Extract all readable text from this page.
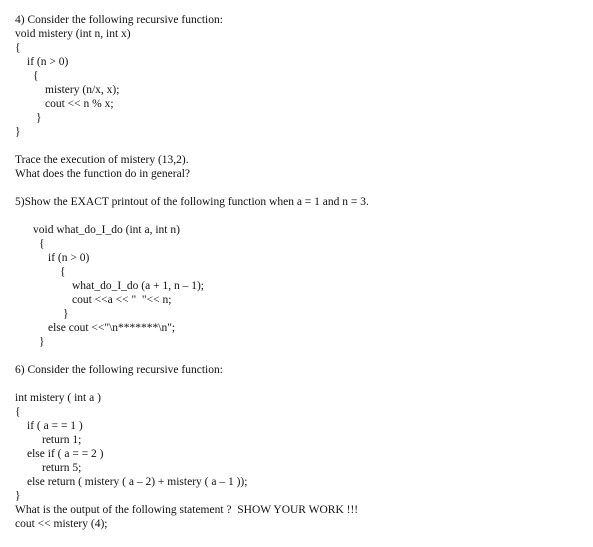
4) Consider the following recursive function:
void mistery (int n, int x)
{
if (n > 0)
{
mistery (n/x, x);
cout << n % x;
}
}
Trace the execution of mistery (13,2).
What does the function do in general?
5)Show the EXACT printout of the following function when a = 1 and n = 3.
void what_do_I_do (int a, int n)
{
if (n > 0)
{
what_do_I_do (a + 1, n – 1);
cout <<a << "  "<< n;
}
else cout <<"\n*******\n";
}
6) Consider the following recursive function:
int mistery ( int a )
{
if ( a = = 1 )
return 1;
else if ( a = = 2 )
return 5;
else return ( mistery ( a – 2) + mistery ( a – 1 ));
}
What is the output of the following statement ?  SHOW YOUR WORK !!!
cout << mistery (4);
